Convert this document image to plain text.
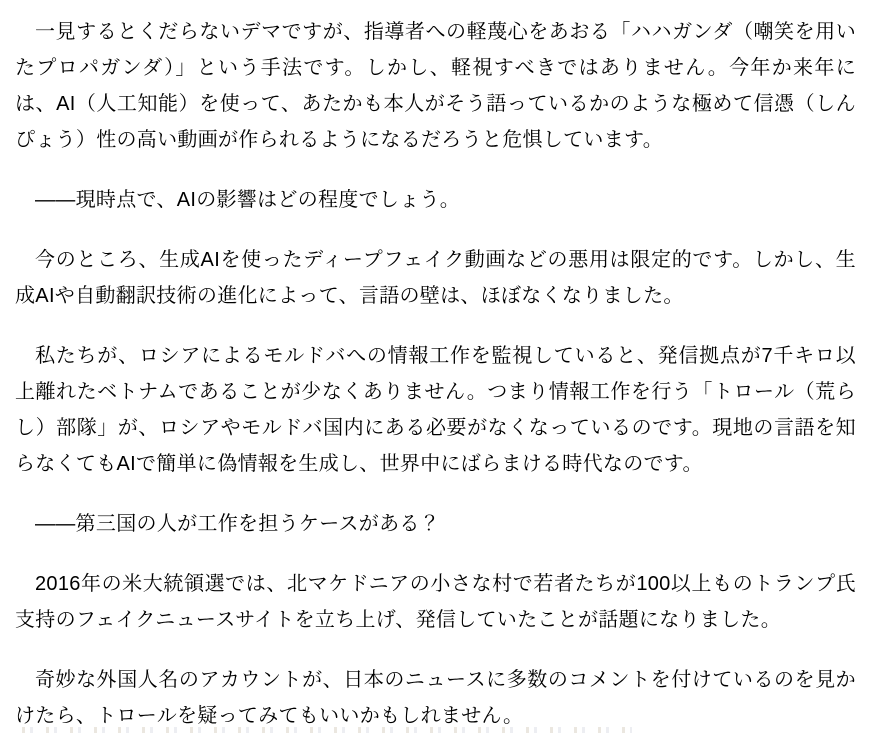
一見するとくだらないデマですが、指導者への軽蔑心をあおる「ハハガンダ（嘲笑を用いたプロパガンダ）」という手法です。しかし、軽視すべきではありません。今年か来年には、AI（人工知能）を使って、あたかも本人がそう語っているかのような極めて信憑（しんぴょう）性の高い動画が作られるようになるだろうと危惧しています。

――現時点で、AIの影響はどの程度でしょう。

今のところ、生成AIを使ったディープフェイク動画などの悪用は限定的です。しかし、生成AIや自動翻訳技術の進化によって、言語の壁は、ほぼなくなりました。

私たちが、ロシアによるモルドバへの情報工作を監視していると、発信拠点が7千キロ以上離れたベトナムであることが少なくありません。つまり情報工作を行う「トロール（荒らし）部隊」が、ロシアやモルドバ国内にある必要がなくなっているのです。現地の言語を知らなくてもAIで簡単に偽情報を生成し、世界中にばらまける時代なのです。

――第三国の人が工作を担うケースがある？

2016年の米大統領選では、北マケドニアの小さな村で若者たちが100以上ものトランプ氏支持のフェイクニュースサイトを立ち上げ、発信していたことが話題になりました。

奇妙な外国人名のアカウントが、日本のニュースに多数のコメントを付けているのを見かけたら、トロールを疑ってみてもいいかもしれません。
